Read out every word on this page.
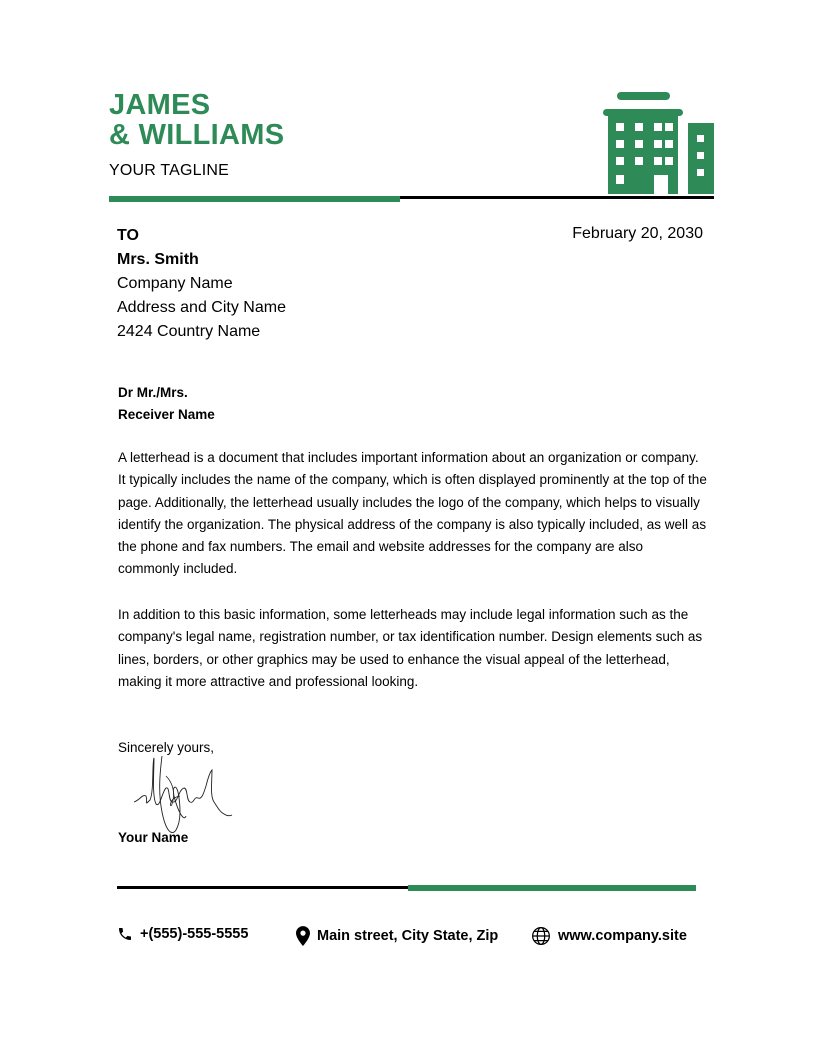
JAMES
& WILLIAMS
YOUR TAGLINE
TO
Mrs. Smith
Company Name
Address and City Name
2424 Country Name
February 20, 2030
Dr Mr./Mrs.
Receiver Name
A letterhead is a document that includes important information about an organization or company. It typically includes the name of the company, which is often displayed prominently at the top of the page. Additionally, the letterhead usually includes the logo of the company, which helps to visually identify the organization. The physical address of the company is also typically included, as well as the phone and fax numbers. The email and website addresses for the company are also commonly included.
In addition to this basic information, some letterheads may include legal information such as the company's legal name, registration number, or tax identification number. Design elements such as lines, borders, or other graphics may be used to enhance the visual appeal of the letterhead, making it more attractive and professional looking.
Sincerely yours,
Your Name
+(555)-555-5555	Main street, City State, Zip	www.company.site
